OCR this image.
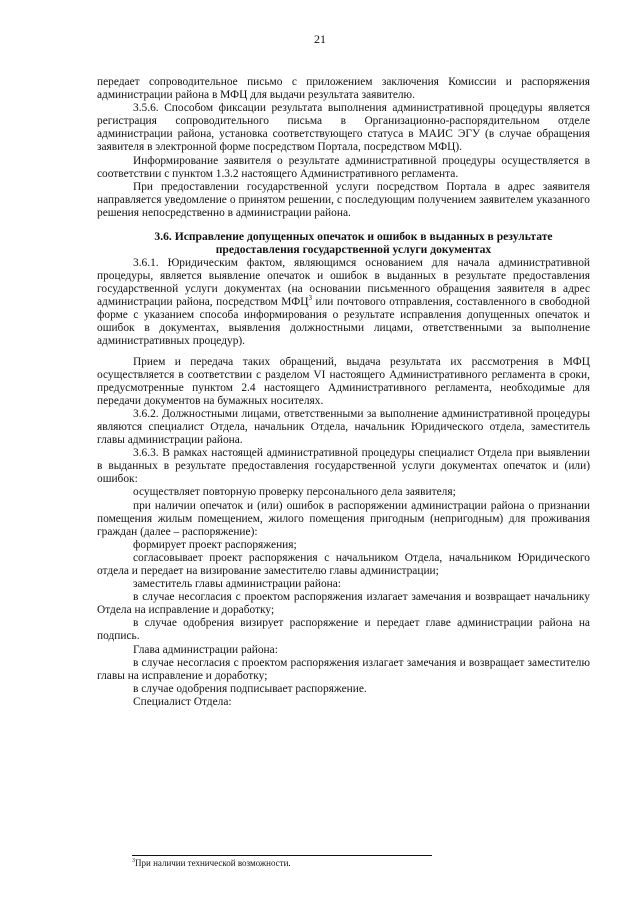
21

передает сопроводительное письмо с приложением заключения Комиссии и распоряжения администрации района в МФЦ для выдачи результата заявителю.

3.5.6. Способом фиксации результата выполнения административной процедуры является регистрация сопроводительного письма в Организационно-распорядительном отделе администрации района, установка соответствующего статуса в МАИС ЭГУ (в случае обращения заявителя в электронной форме посредством Портала, посредством МФЦ).

Информирование заявителя о результате административной процедуры осуществляется в соответствии с пунктом 1.3.2 настоящего Административного регламента.

При предоставлении государственной услуги посредством Портала в адрес заявителя направляется уведомление о принятом решении, с последующим получением заявителем указанного решения непосредственно в администрации района.

3.6. Исправление допущенных опечаток и ошибок в выданных в результате предоставления государственной услуги документах

3.6.1. Юридическим фактом, являющимся основанием для начала административной процедуры, является выявление опечаток и ошибок в выданных в результате предоставления государственной услуги документах (на основании письменного обращения заявителя в адрес администрации района, посредством МФЦ$^3$ или почтового отправления, составленного в свободной форме с указанием способа информирования о результате исправления допущенных опечаток и ошибок в документах, выявления должностными лицами, ответственными за выполнение административных процедур).

Прием и передача таких обращений, выдача результата их рассмотрения в МФЦ осуществляется в соответствии с разделом VI настоящего Административного регламента в сроки, предусмотренные пунктом 2.4 настоящего Административного регламента, необходимые для передачи документов на бумажных носителях.

3.6.2. Должностными лицами, ответственными за выполнение административной процедуры являются специалист Отдела, начальник Отдела, начальник Юридического отдела, заместитель главы администрации района.

3.6.3. В рамках настоящей административной процедуры специалист Отдела при выявлении в выданных в результате предоставления государственной услуги документах опечаток и (или) ошибок:

осуществляет повторную проверку персонального дела заявителя;

при наличии опечаток и (или) ошибок в распоряжении администрации района о признании помещения жилым помещением, жилого помещения пригодным (непригодным) для проживания граждан (далее – распоряжение):

формирует проект распоряжения;

согласовывает проект распоряжения с начальником Отдела, начальником Юридического отдела и передает на визирование заместителю главы администрации;

заместитель главы администрации района:

в случае несогласия с проектом распоряжения излагает замечания и возвращает начальнику Отдела на исправление и доработку;

в случае одобрения визирует распоряжение и передает главе администрации района на подпись.

Глава администрации района:

в случае несогласия с проектом распоряжения излагает замечания и возвращает заместителю главы на исправление и доработку;

в случае одобрения подписывает распоряжение.

Специалист Отдела:

$^3$При наличии технической возможности.
